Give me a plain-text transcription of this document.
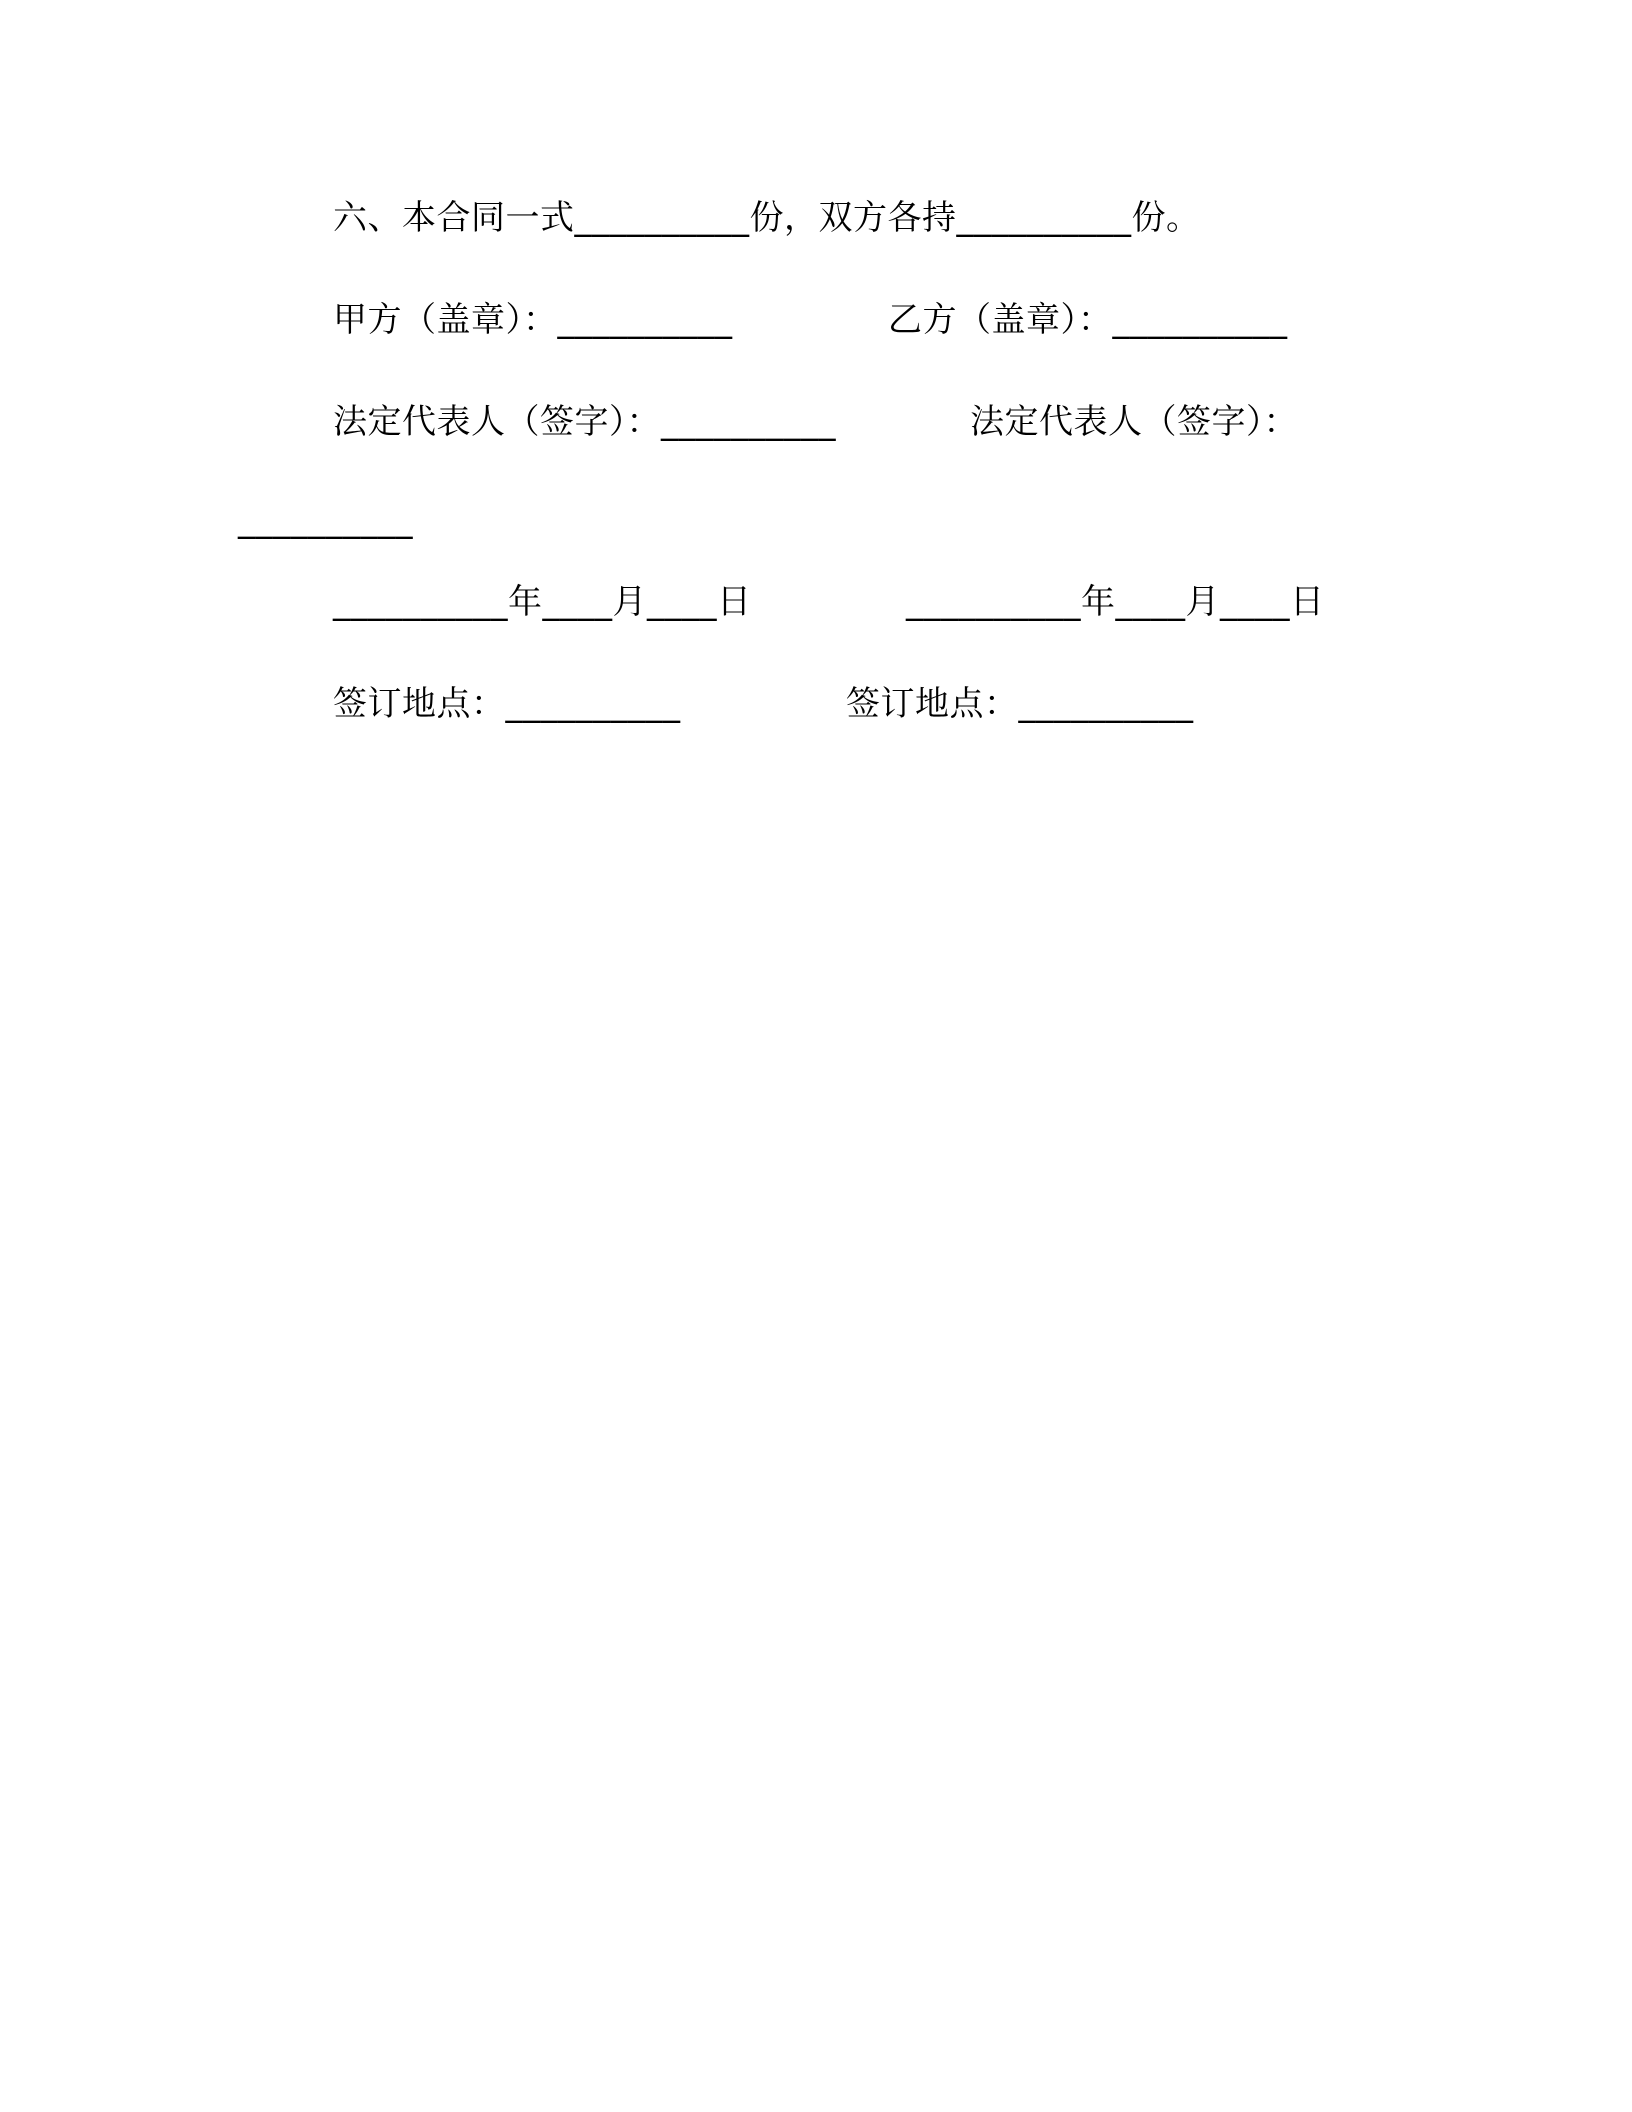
六、本合同一式__________份，双方各持__________份。
甲方（盖章）：__________	乙方（盖章）：__________
法定代表人（签字）：__________	法定代表人（签字）：
__________
__________年____月____日	__________年____月____日
签订地点：__________	签订地点：__________
